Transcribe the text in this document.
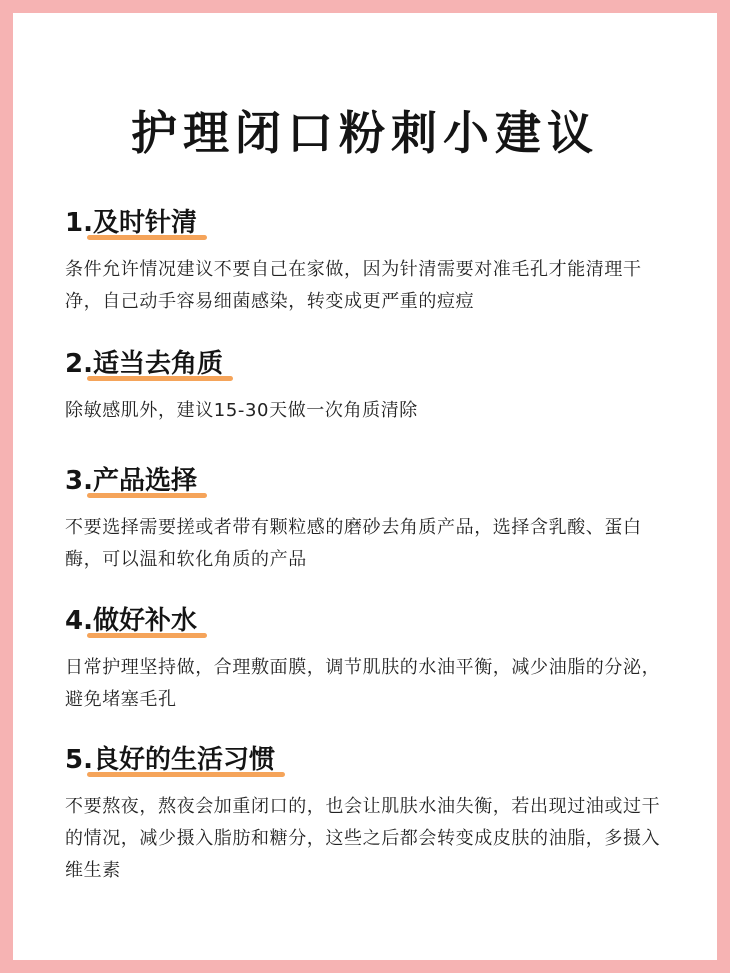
护理闭口粉刺小建议
1.及时针清
条件允许情况建议不要自己在家做，因为针清需要对准毛孔才能清理干净，自己动手容易细菌感染，转变成更严重的痘痘
2.适当去角质
除敏感肌外，建议15-30天做一次角质清除
3.产品选择
不要选择需要搓或者带有颗粒感的磨砂去角质产品，选择含乳酸、蛋白酶，可以温和软化角质的产品
4.做好补水
日常护理坚持做，合理敷面膜，调节肌肤的水油平衡，减少油脂的分泌，避免堵塞毛孔
5.良好的生活习惯
不要熬夜，熬夜会加重闭口的，也会让肌肤水油失衡，若出现过油或过干的情况，减少摄入脂肪和糖分，这些之后都会转变成皮肤的油脂，多摄入维生素
